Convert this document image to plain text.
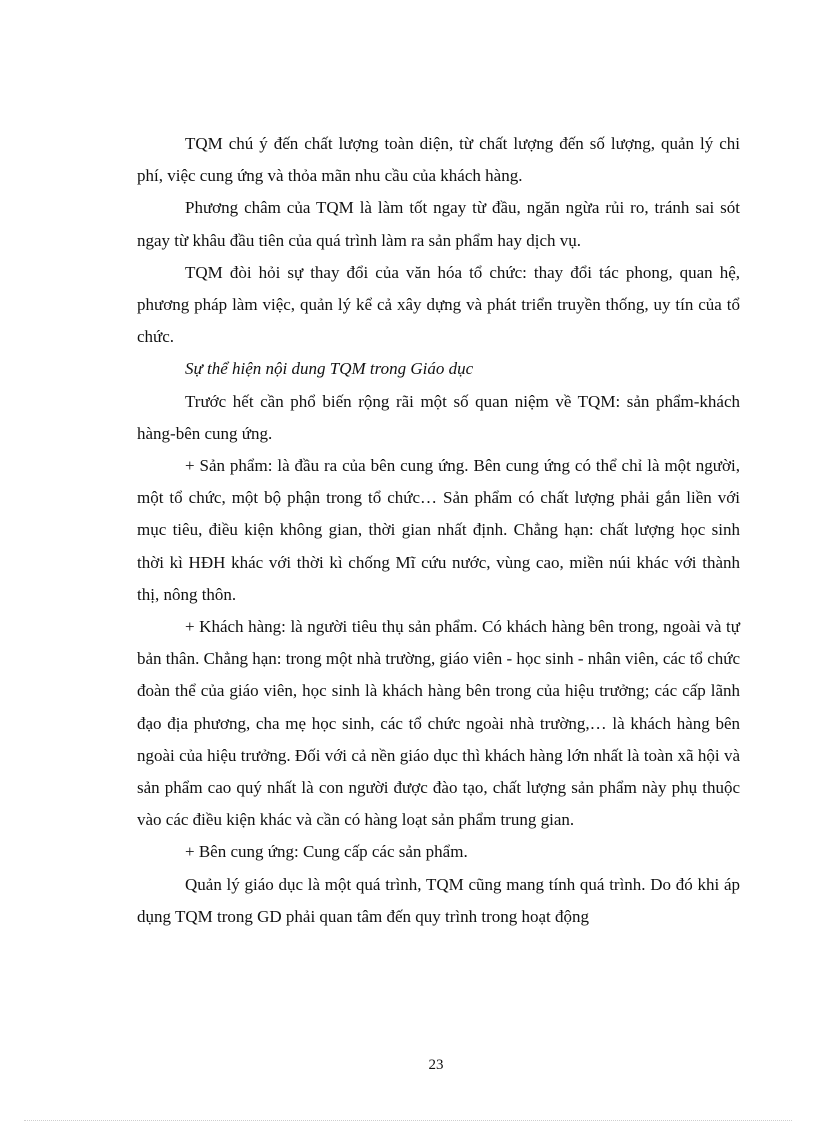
TQM chú ý đến chất lượng toàn diện, từ chất lượng đến số lượng, quản lý chi phí, việc cung ứng và thỏa mãn nhu cầu của khách hàng.

Phương châm của TQM là làm tốt ngay từ đầu, ngăn ngừa rủi ro, tránh sai sót ngay từ khâu đầu tiên của quá trình làm ra sản phẩm hay dịch vụ.

TQM đòi hỏi sự thay đổi của văn hóa tổ chức: thay đổi tác phong, quan hệ, phương pháp làm việc, quản lý kể cả xây dựng và phát triển truyền thống, uy tín của tổ chức.

Sự thể hiện nội dung TQM trong Giáo dục

Trước hết cần phổ biến rộng rãi một số quan niệm về TQM: sản phẩm-khách hàng-bên cung ứng.

+ Sản phẩm: là đầu ra của bên cung ứng. Bên cung ứng có thể chỉ là một người, một tổ chức, một bộ phận trong tổ chức… Sản phẩm có chất lượng phải gắn liền với mục tiêu, điều kiện không gian, thời gian nhất định. Chẳng hạn: chất lượng học sinh thời kì HĐH khác với thời kì chống Mĩ cứu nước, vùng cao, miền núi khác với thành thị, nông thôn.

+ Khách hàng: là người tiêu thụ sản phẩm. Có khách hàng bên trong, ngoài và tự bản thân. Chẳng hạn: trong một nhà trường, giáo viên - học sinh - nhân viên, các tổ chức đoàn thể của giáo viên, học sinh là khách hàng bên trong của hiệu trưởng; các cấp lãnh đạo địa phương, cha mẹ học sinh, các tổ chức ngoài nhà trường,… là khách hàng bên ngoài của hiệu trưởng. Đối với cả nền giáo dục thì khách hàng lớn nhất là toàn xã hội và sản phẩm cao quý nhất là con người được đào tạo, chất lượng sản phẩm này phụ thuộc vào các điều kiện khác và cần có hàng loạt sản phẩm trung gian.

+ Bên cung ứng: Cung cấp các sản phẩm.

Quản lý giáo dục là một quá trình, TQM cũng mang tính quá trình. Do đó khi áp dụng TQM trong GD phải quan tâm đến quy trình trong hoạt động

23
